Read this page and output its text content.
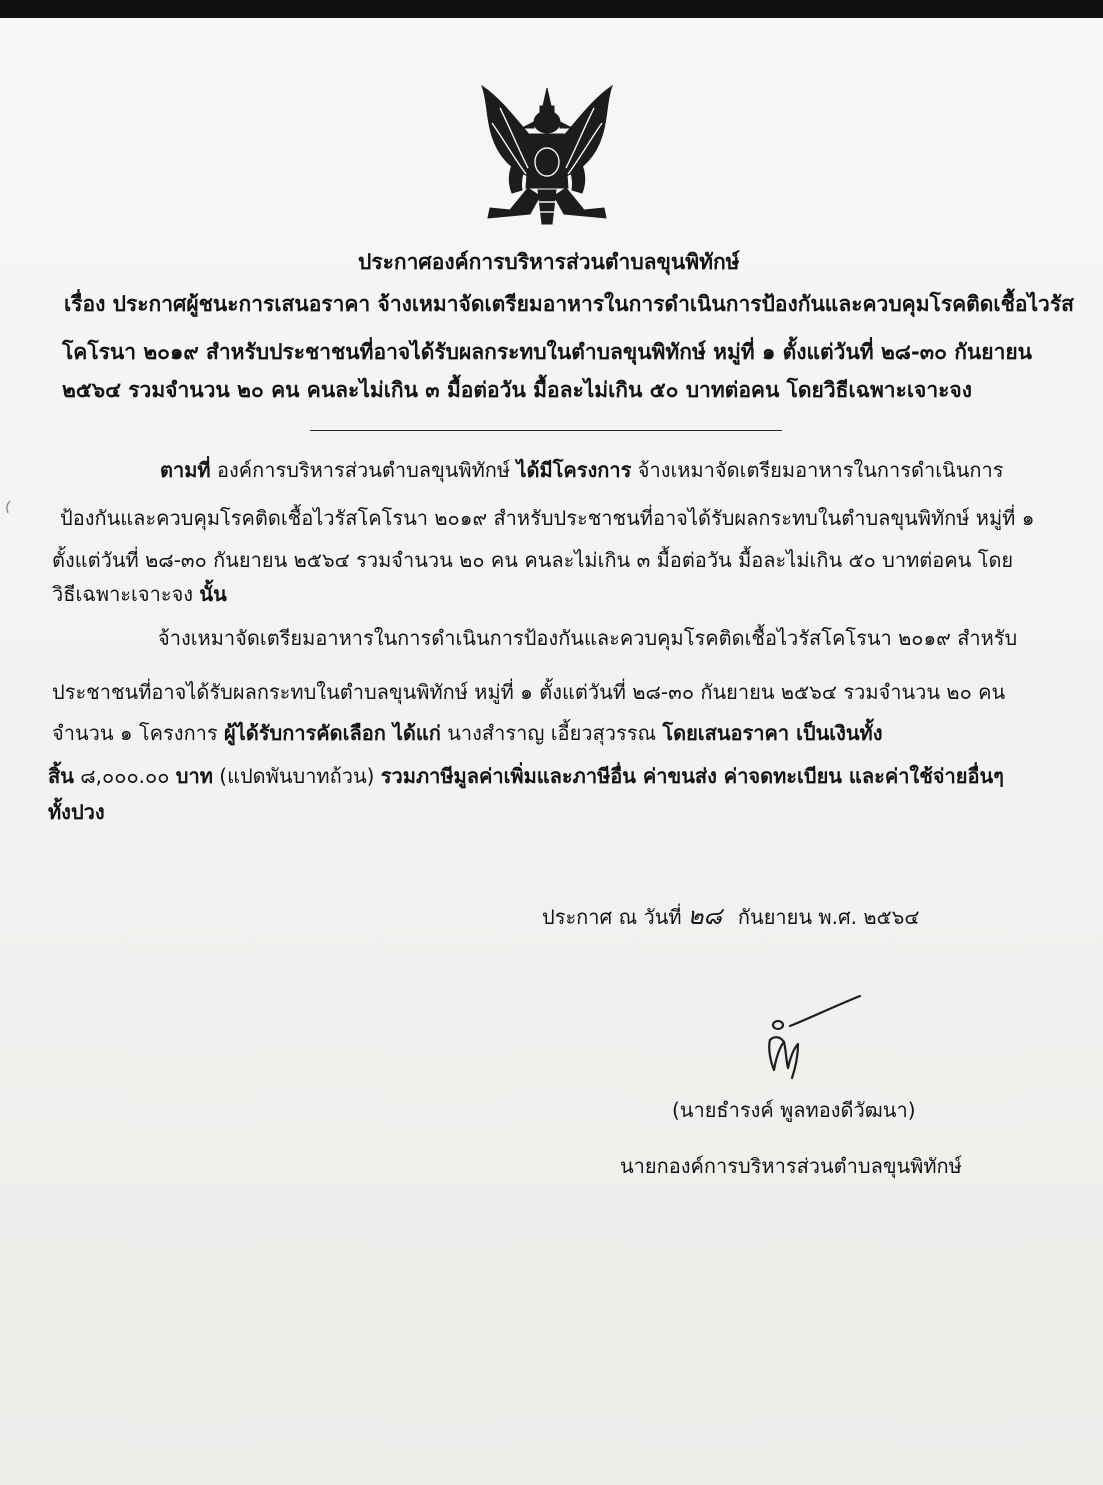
ประกาศองค์การบริหารส่วนตำบลขุนพิทักษ์
เรื่อง ประกาศผู้ชนะการเสนอราคา จ้างเหมาจัดเตรียมอาหารในการดำเนินการป้องกันและควบคุมโรคติดเชื้อไวรัส
โคโรนา ๒๐๑๙ สำหรับประชาชนที่อาจได้รับผลกระทบในตำบลขุนพิทักษ์ หมู่ที่ ๑ ตั้งแต่วันที่ ๒๘-๓๐ กันยายน
๒๕๖๔ รวมจำนวน ๒๐ คน คนละไม่เกิน ๓ มื้อต่อวัน มื้อละไม่เกิน ๕๐ บาทต่อคน โดยวิธีเฉพาะเจาะจง
ตามที่ องค์การบริหารส่วนตำบลขุนพิทักษ์ ได้มีโครงการ จ้างเหมาจัดเตรียมอาหารในการดำเนินการ
ป้องกันและควบคุมโรคติดเชื้อไวรัสโคโรนา ๒๐๑๙ สำหรับประชาชนที่อาจได้รับผลกระทบในตำบลขุนพิทักษ์ หมู่ที่ ๑
ตั้งแต่วันที่ ๒๘-๓๐ กันยายน ๒๕๖๔ รวมจำนวน ๒๐ คน คนละไม่เกิน ๓ มื้อต่อวัน มื้อละไม่เกิน ๕๐ บาทต่อคน โดย
วิธีเฉพาะเจาะจง นั้น
จ้างเหมาจัดเตรียมอาหารในการดำเนินการป้องกันและควบคุมโรคติดเชื้อไวรัสโคโรนา ๒๐๑๙ สำหรับ
ประชาชนที่อาจได้รับผลกระทบในตำบลขุนพิทักษ์ หมู่ที่ ๑ ตั้งแต่วันที่ ๒๘-๓๐ กันยายน ๒๕๖๔ รวมจำนวน ๒๐ คน
จำนวน ๑ โครงการ ผู้ได้รับการคัดเลือก ได้แก่ นางสำราญ เอี้ยวสุวรรณ โดยเสนอราคา เป็นเงินทั้ง
สิ้น ๘,๐๐๐.๐๐ บาท (แปดพันบาทถ้วน) รวมภาษีมูลค่าเพิ่มและภาษีอื่น ค่าขนส่ง ค่าจดทะเบียน และค่าใช้จ่ายอื่นๆ
ทั้งปวง
ประกาศ ณ วันที่ ๒๘ กันยายน พ.ศ. ๒๕๖๔
(นายธำรงค์ พูลทองดีวัฒนา)
นายกองค์การบริหารส่วนตำบลขุนพิทักษ์
